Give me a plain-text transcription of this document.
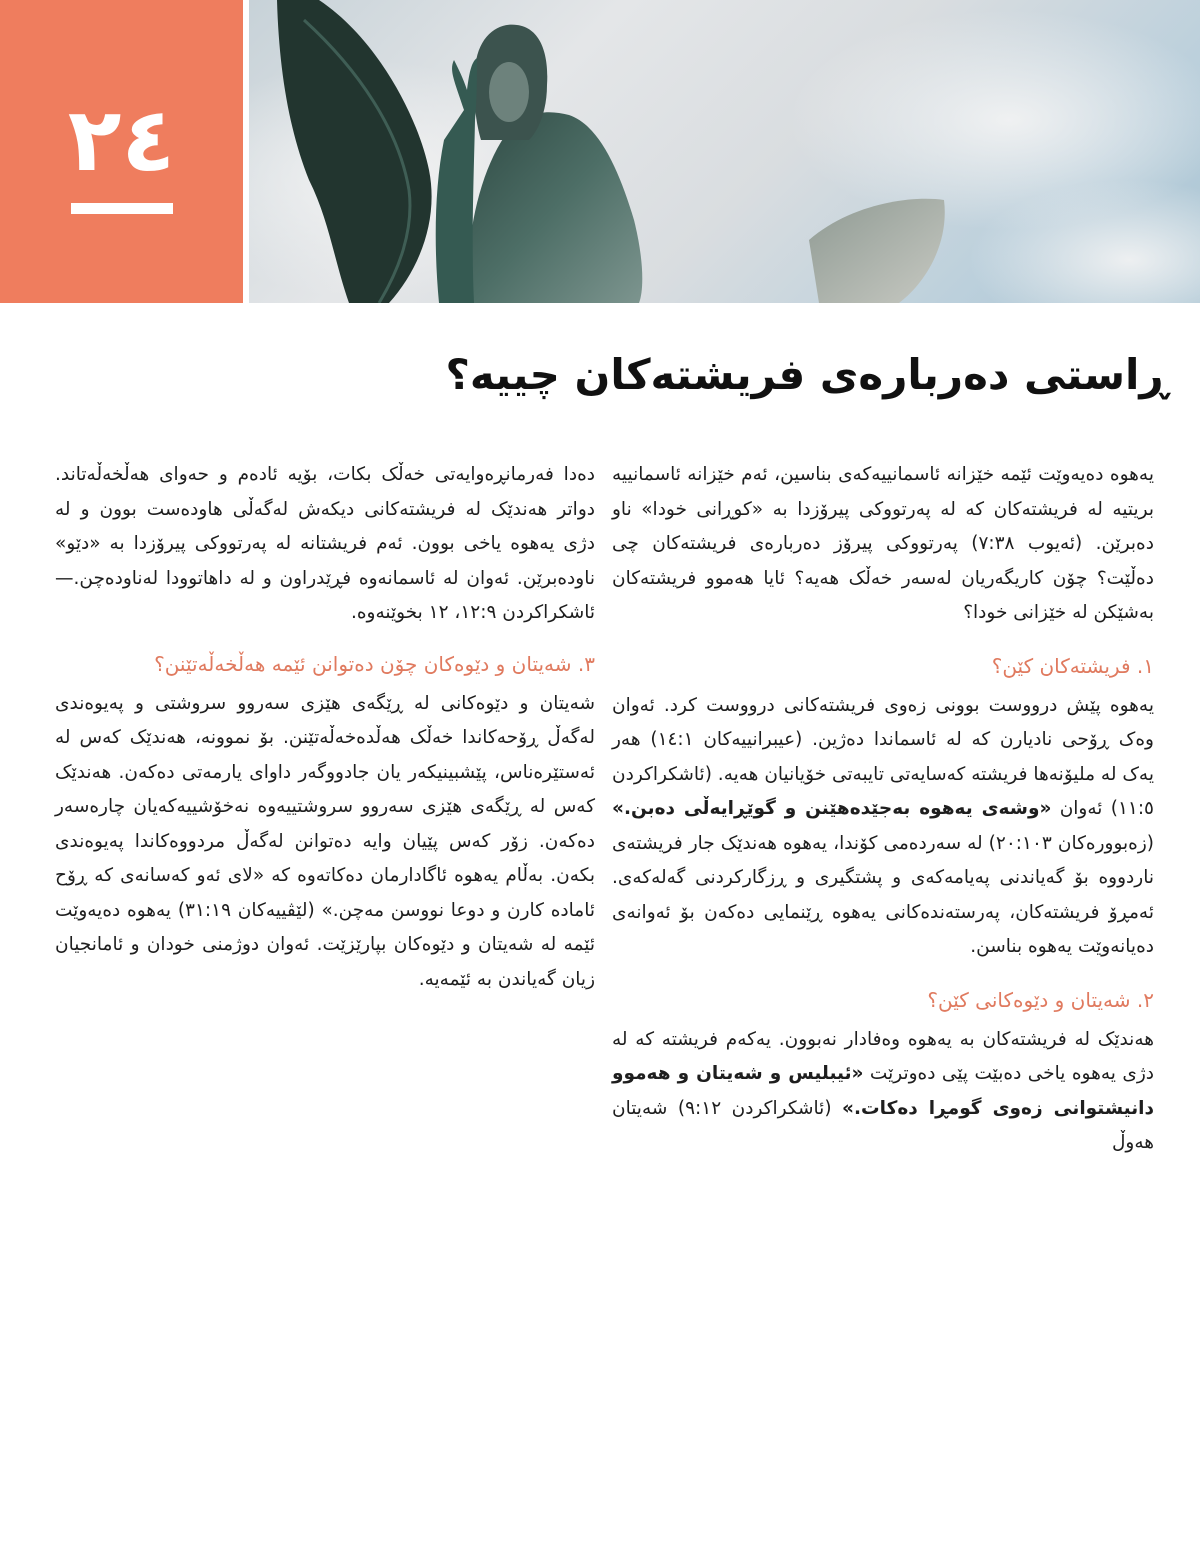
٢٤
ڕاستی دەربارەی فریشتەکان چییە؟

یەهوە دەیەوێت ئێمە خێزانە ئاسمانییەکەی بناسین، ئەم خێزانە ئاسمانییە بریتیە لە فریشتەکان کە لە پەرتووکی پیرۆزدا بە «کوڕانی خودا» ناو دەبرێن. (ئەیوب ٧:٣٨) پەرتووکی پیرۆز دەربارەی فریشتەکان چی دەڵێت؟ چۆن کاریگەریان لەسەر خەڵک هەیە؟ ئایا هەموو فریشتەکان بەشێکن لە خێزانی خودا؟

١. فریشتەکان کێن؟

یەهوە پێش درووست بوونی زەوی فریشتەکانی درووست کرد. ئەوان وەک ڕۆحی نادیارن کە لە ئاسماندا دەژین. (عیبرانییەکان ١٤:١) هەر یەک لە ملیۆنەها فریشتە کەسایەتی تایبەتی خۆیانیان هەیە. (ئاشکراکردن ١١:٥) ئەوان «وشەی یەهوە بەجێدەهێنن و گوێڕایەڵی دەبن.» (زەبوورەکان ٢٠:١٠٣) لە سەردەمی کۆندا، یەهوە هەندێک جار فریشتەی ناردووە بۆ گەیاندنی پەیامەکەی و پشتگیری و ڕزگارکردنی گەلەکەی. ئەمڕۆ فریشتەکان، پەرستەندەکانی یەهوە ڕێنمایی دەکەن بۆ ئەوانەی دەیانەوێت یەهوە بناسن.

٢. شەیتان و دێوەکانی کێن؟

هەندێک لە فریشتەکان بە یەهوە وەفادار نەبوون. یەکەم فریشتە کە لە دژی یەهوە یاخی دەبێت پێی دەوترێت «ئیبلیس و شەیتان و هەموو دانیشتوانی زەوی گومڕا دەکات.» (ئاشکراکردن ٩:١٢) شەیتان هەوڵ

دەدا فەرمانڕەوایەتی خەڵک بکات، بۆیە ئادەم و حەوای هەڵخەڵەتاند. دواتر هەندێک لە فریشتەکانی دیکەش لەگەڵی هاودەست بوون و لە دژی یەهوە یاخی بوون. ئەم فریشتانە لە پەرتووکی پیرۆزدا بە «دێو» ناودەبرێن. ئەوان لە ئاسمانەوە فڕێدراون و لە داهاتوودا لەناودەچن.—ئاشکراکردن ١٢:٩، ١٢ بخوێنەوە.

٣. شەیتان و دێوەکان چۆن دەتوانن ئێمە هەڵخەڵەتێنن؟

شەیتان و دێوەکانی لە ڕێگەی هێزی سەروو سروشتی و پەیوەندی لەگەڵ ڕۆحەکاندا خەڵک هەڵدەخەڵەتێنن. بۆ نموونە، هەندێک کەس لە ئەستێرەناس، پێشبینیکەر یان جادووگەر داوای یارمەتی دەکەن. هەندێک کەس لە ڕێگەی هێزی سەروو سروشتییەوە نەخۆشییەکەیان چارەسەر دەکەن. زۆر کەس پێیان وایە دەتوانن لەگەڵ مردووەکاندا پەیوەندی بکەن. بەڵام یەهوە ئاگادارمان دەکاتەوە کە «لای ئەو کەسانەی کە ڕۆح ئامادە کارن و دوعا نووسن مەچن.» (لێڤییەکان ٣١:١٩) یەهوە دەیەوێت ئێمە لە شەیتان و دێوەکان بپارێزێت. ئەوان دوژمنی خودان و ئامانجیان زیان گەیاندن بە ئێمەیە.
